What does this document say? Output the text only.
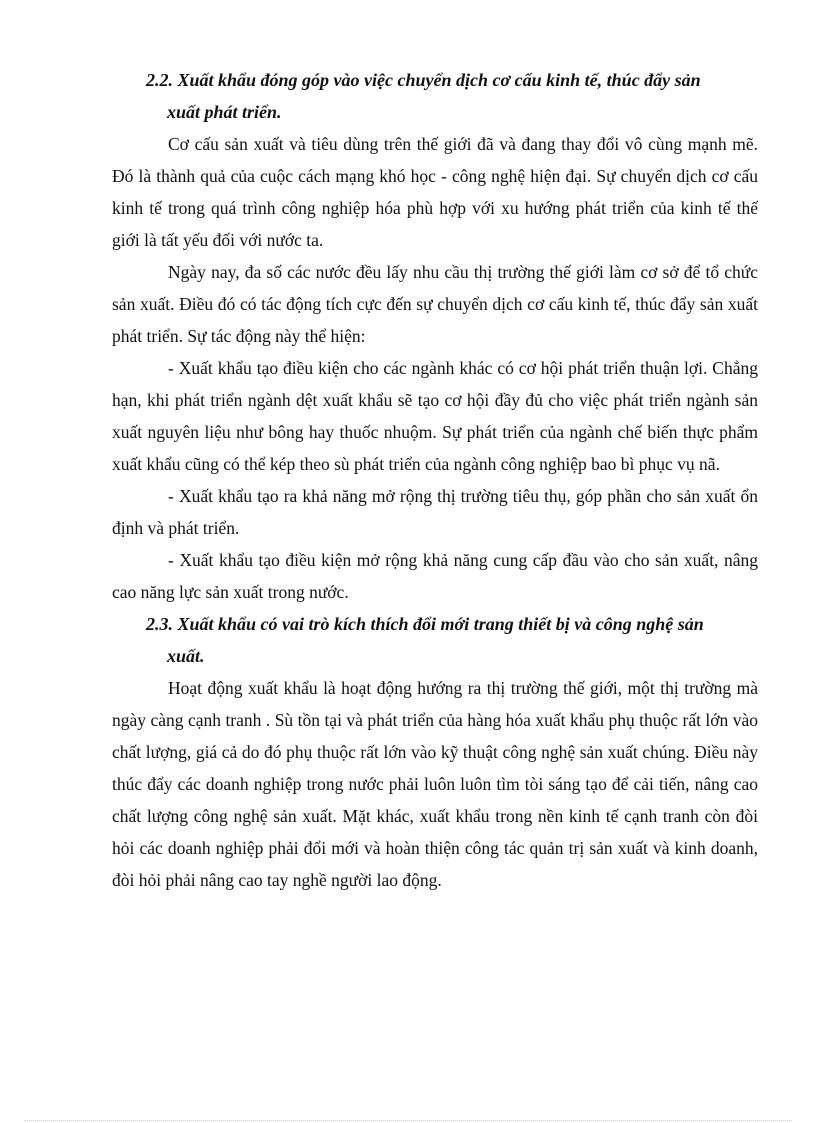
2.2. Xuất khẩu đóng góp vào việc chuyển dịch cơ cấu kinh tế, thúc đẩy sản
xuất phát triển.

Cơ cấu sản xuất và tiêu dùng trên thế giới đã và đang thay đổi vô cùng mạnh mẽ. Đó là thành quả của cuộc cách mạng khó học - công nghệ hiện đại. Sự chuyển dịch cơ cấu kinh tế trong quá trình công nghiệp hóa phù hợp với xu hướng phát triển của kinh tế thế giới là tất yếu đối với nước ta.

Ngày nay, đa số các nước đều lấy nhu cầu thị trường thế giới làm cơ sở để tổ chức sản xuất. Điều đó có tác động tích cực đến sự chuyển dịch cơ cấu kinh tế, thúc đẩy sản xuất phát triển. Sự tác động này thể hiện:

- Xuất khẩu tạo điều kiện cho các ngành khác có cơ hội phát triển thuận lợi. Chẳng hạn, khi phát triển ngành dệt xuất khẩu sẽ tạo cơ hội đầy đủ cho việc phát triển ngành sản xuất nguyên liệu như bông hay thuốc nhuộm. Sự phát triển của ngành chế biến thực phẩm xuất khẩu cũng có thể kép theo sù phát triển của ngành công nghiệp bao bì phục vụ nã.

- Xuất khẩu tạo ra khả năng mở rộng thị trường tiêu thụ, góp phần cho sản xuất ổn định và phát triển.

- Xuất khẩu tạo điều kiện mở rộng khả năng cung cấp đầu vào cho sản xuất, nâng cao năng lực sản xuất trong nước.

2.3. Xuất khẩu có vai trò kích thích đổi mới trang thiết bị và công nghệ sản
xuất.

Hoạt động xuất khẩu là hoạt động hướng ra thị trường thế giới, một thị trường mà ngày càng cạnh tranh . Sù tồn tại và phát triển của hàng hóa xuất khẩu phụ thuộc rất lớn vào chất lượng, giá cả do đó phụ thuộc rất lớn vào kỹ thuật công nghệ sản xuất chúng. Điều này thúc đẩy các doanh nghiệp trong nước phải luôn luôn tìm tòi sáng tạo để cải tiến, nâng cao chất lượng công nghệ sản xuất. Mặt khác, xuất khẩu trong nền kinh tế cạnh tranh còn đòi hỏi các doanh nghiệp phải đổi mới và hoàn thiện công tác quản trị sản xuất và kinh doanh, đòi hỏi phải nâng cao tay nghề người lao động.
